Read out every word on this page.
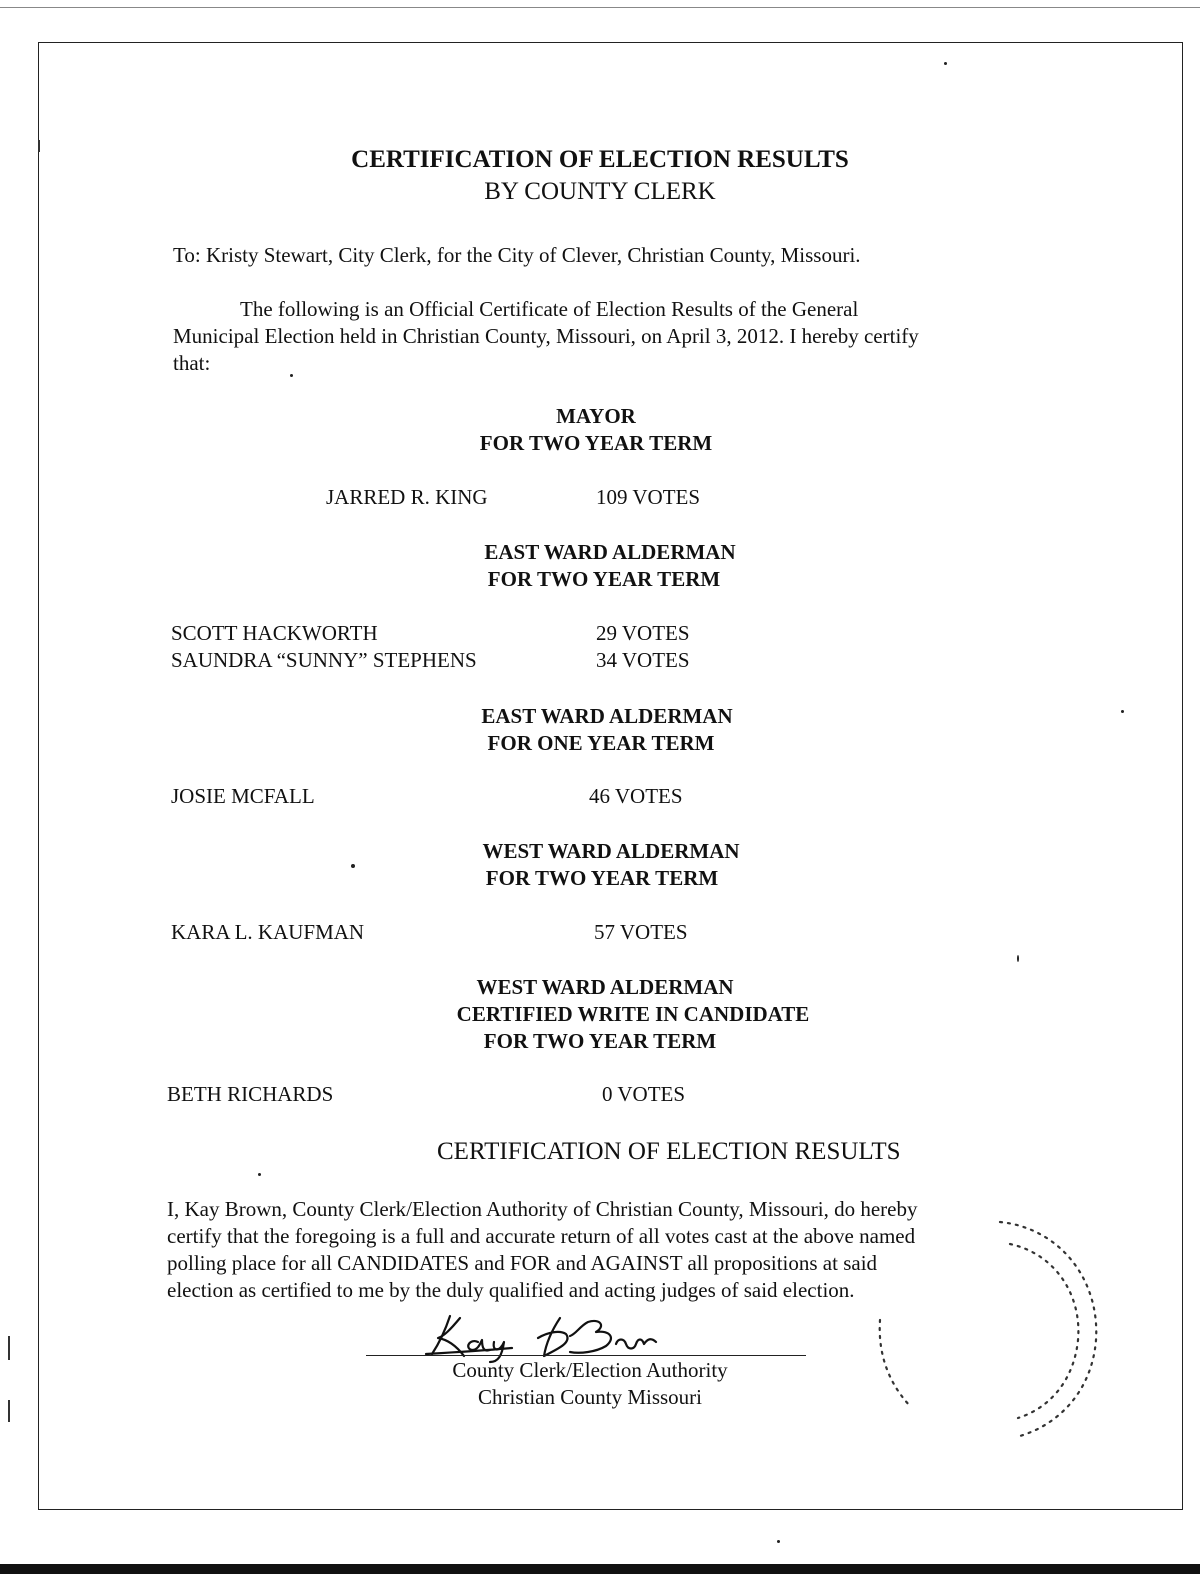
CERTIFICATION OF ELECTION RESULTS
BY COUNTY CLERK
To: Kristy Stewart, City Clerk, for the City of Clever, Christian County, Missouri.
The following is an Official Certificate of Election Results of the General
Municipal Election held in Christian County, Missouri, on April 3, 2012. I hereby certify
that:
MAYOR
FOR TWO YEAR TERM
JARRED R. KING	109 VOTES
EAST WARD ALDERMAN
FOR TWO YEAR TERM
SCOTT HACKWORTH	29 VOTES
SAUNDRA “SUNNY” STEPHENS	34 VOTES
EAST WARD ALDERMAN
FOR ONE YEAR TERM
JOSIE MCFALL	46 VOTES
WEST WARD ALDERMAN
FOR TWO YEAR TERM
KARA L. KAUFMAN	57 VOTES
WEST WARD ALDERMAN
CERTIFIED WRITE IN CANDIDATE
FOR TWO YEAR TERM
BETH RICHARDS	0 VOTES
CERTIFICATION OF ELECTION RESULTS
I, Kay Brown, County Clerk/Election Authority of Christian County, Missouri, do hereby
certify that the foregoing is a full and accurate return of all votes cast at the above named
polling place for all CANDIDATES and FOR and AGAINST all propositions at said
election as certified to me by the duly qualified and acting judges of said election.
County Clerk/Election Authority
Christian County Missouri
